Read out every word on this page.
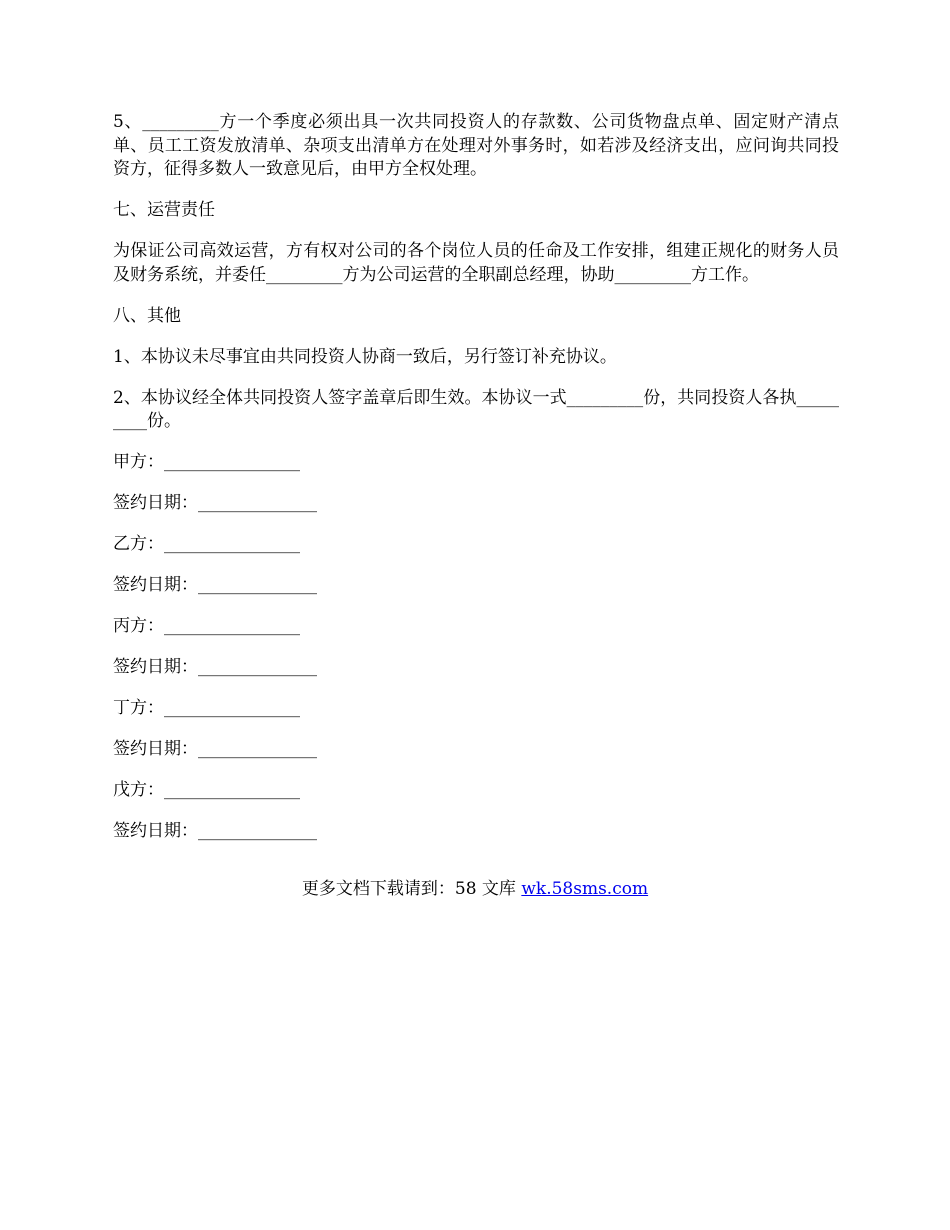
5、_________方一个季度必须出具一次共同投资人的存款数、公司货物盘点单、固定财产清点单、员工工资发放清单、杂项支出清单方在处理对外事务时，如若涉及经济支出，应问询共同投资方，征得多数人一致意见后，由甲方全权处理。

七、运营责任

为保证公司高效运营，方有权对公司的各个岗位人员的任命及工作安排，组建正规化的财务人员及财务系统，并委任_________方为公司运营的全职副总经理，协助_________方工作。

八、其他

1、本协议未尽事宜由共同投资人协商一致后，另行签订补充协议。

2、本协议经全体共同投资人签字盖章后即生效。本协议一式_________份，共同投资人各执_________份。

甲方：________________

签约日期：______________

乙方：________________

签约日期：______________

丙方：________________

签约日期：______________

丁方：________________

签约日期：______________

戊方：________________

签约日期：______________

更多文档下载请到：58 文库 wk.58sms.com
